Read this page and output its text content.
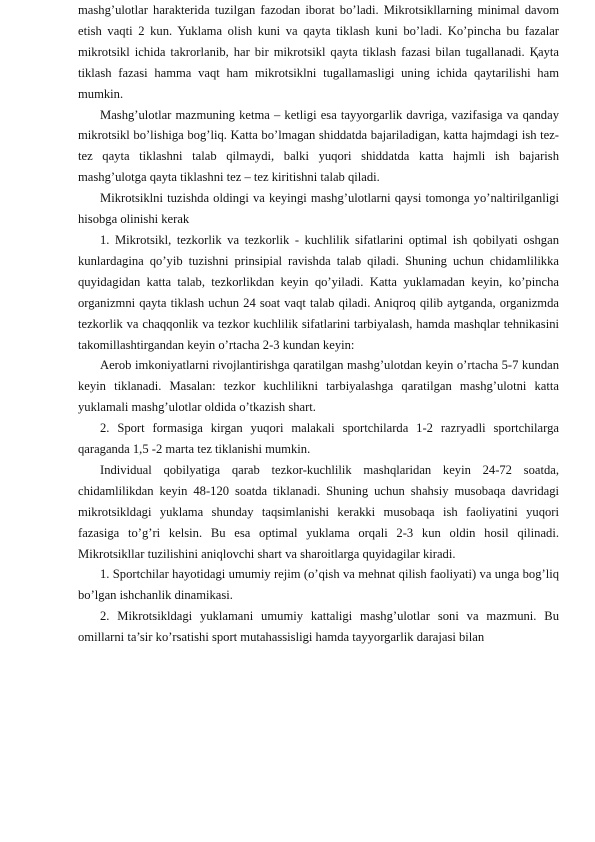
mashg’ulotlar harakterida tuzilgan fazodan iborat bo’ladi. Mikrotsikllarning minimal davom etish vaqti 2 kun. Yuklama olish kuni va qayta tiklash kuni bo’ladi. Ko’pincha bu fazalar mikrotsikl ichida takrorlanib, har bir mikrotsikl qayta tiklash fazasi bilan tugallanadi. Қayta tiklash fazasi hamma vaqt ham mikrotsiklni tugallamasligi uning ichida qaytarilishi ham mumkin.

Mashg’ulotlar mazmuning ketma – ketligi esa tayyorgarlik davriga, vazifasiga va qanday mikrotsikl bo’lishiga bog’liq. Katta bo’lmagan shiddatda bajariladigan, katta hajmdagi ish tez-tez qayta tiklashni talab qilmaydi, balki yuqori shiddatda katta hajmli ish bajarish mashg’ulotga qayta tiklashni tez – tez kiritishni talab qiladi.

Mikrotsiklni tuzishda oldingi va keyingi mashg’ulotlarni qaysi tomonga yo’naltirilganligi hisobga olinishi kerak

1. Mikrotsikl, tezkorlik va tezkorlik - kuchlilik sifatlarini optimal ish qobilyati oshgan kunlardagina qo’yib tuzishni prinsipial ravishda talab qiladi. Shuning uchun chidamlilikka quyidagidan katta talab, tezkorlikdan keyin qo’yiladi. Katta yuklamadan keyin, ko’pincha organizmni qayta tiklash uchun 24 soat vaqt talab qiladi. Aniqroq qilib aytganda, organizmda tezkorlik va chaqqonlik va tezkor kuchlilik sifatlarini tarbiyalash, hamda mashqlar tehnikasini takomillashtirgandan keyin o’rtacha 2-3 kundan keyin:

Aerob imkoniyatlarni rivojlantirishga qaratilgan mashg’ulotdan keyin o’rtacha 5-7 kundan keyin tiklanadi. Masalan: tezkor kuchlilikni tarbiyalashga qaratilgan mashg’ulotni katta yuklamali mashg’ulotlar oldida o’tkazish shart.

2. Sport formasiga kirgan yuqori malakali sportchilarda 1-2 razryadli sportchilarga qaraganda 1,5 -2 marta tez tiklanishi mumkin.

Individual qobilyatiga qarab tezkor-kuchlilik mashqlaridan keyin 24-72 soatda, chidamlilikdan keyin 48-120 soatda tiklanadi. Shuning uchun shahsiy musobaqa davridagi mikrotsikldagi yuklama shunday taqsimlanishi kerakki musobaqa ish faoliyatini yuqori fazasiga to’g’ri kelsin. Bu esa optimal yuklama orqali 2-3 kun oldin hosil qilinadi. Mikrotsikllar tuzilishini aniqlovchi shart va sharoitlarga quyidagilar kiradi.

1. Sportchilar hayotidagi umumiy rejim (o’qish va mehnat qilish faoliyati) va unga bog’liq bo’lgan ishchanlik dinamikasi.

2. Mikrotsikldagi yuklamani umumiy kattaligi mashg’ulotlar soni va mazmuni. Bu omillarni ta’sir ko’rsatishi sport mutahassisligi hamda tayyorgarlik darajasi bilan
